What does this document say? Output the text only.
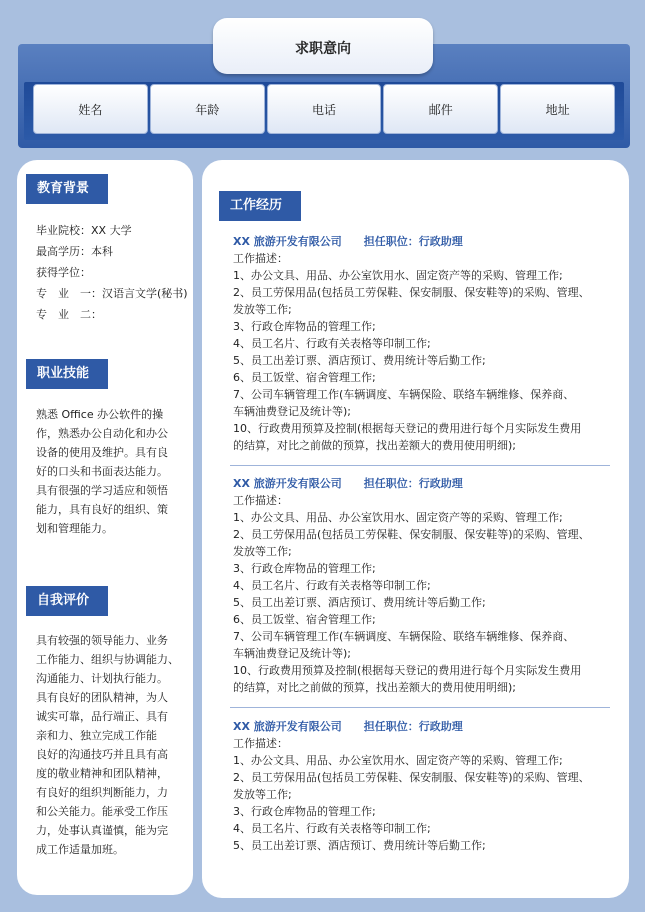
求职意向
姓名	年龄	电话	邮件	地址
教育背景
毕业院校：XX 大学
最高学历：本科
获得学位：
专　业　一：汉语言文学(秘书)
专　业　二：
职业技能

熟悉 Office 办公软件的操

作，熟悉办公自动化和办公

设备的使用及维护。具有良

好的口头和书面表达能力。

具有很强的学习适应和领悟

能力，具有良好的组织、策

划和管理能力。

自我评价

具有较强的领导能力、业务

工作能力、组织与协调能力、

沟通能力、计划执行能力。

具有良好的团队精神，为人

诚实可靠，品行端正、具有

亲和力、独立完成工作能

良好的沟通技巧并且具有高

度的敬业精神和团队精神，

有良好的组织判断能力，力

和公关能力。能承受工作压

力，处事认真谨慎，能为完

成工作适量加班。

工作经历
XX 旅游开发有限公司 担任职位：行政助理

工作描述：

1、办公文具、用品、办公室饮用水、固定资产等的采购、管理工作;

2、员工劳保用品(包括员工劳保鞋、保安制服、保安鞋等)的采购、管理、

发放等工作;

3、行政仓库物品的管理工作;

4、员工名片、行政有关表格等印制工作;

5、员工出差订票、酒店预订、费用统计等后勤工作;

6、员工饭堂、宿舍管理工作;

7、公司车辆管理工作(车辆调度、车辆保险、联络车辆维修、保养商、

车辆油费登记及统计等);

10、行政费用预算及控制(根据每天登记的费用进行每个月实际发生费用

的结算，对比之前做的预算，找出差额大的费用使用明细);

XX 旅游开发有限公司 担任职位：行政助理

工作描述：

1、办公文具、用品、办公室饮用水、固定资产等的采购、管理工作;

2、员工劳保用品(包括员工劳保鞋、保安制服、保安鞋等)的采购、管理、

发放等工作;

3、行政仓库物品的管理工作;

4、员工名片、行政有关表格等印制工作;

5、员工出差订票、酒店预订、费用统计等后勤工作;

6、员工饭堂、宿舍管理工作;

7、公司车辆管理工作(车辆调度、车辆保险、联络车辆维修、保养商、

车辆油费登记及统计等);

10、行政费用预算及控制(根据每天登记的费用进行每个月实际发生费用

的结算，对比之前做的预算，找出差额大的费用使用明细);

XX 旅游开发有限公司 担任职位：行政助理

工作描述：

1、办公文具、用品、办公室饮用水、固定资产等的采购、管理工作;

2、员工劳保用品(包括员工劳保鞋、保安制服、保安鞋等)的采购、管理、

发放等工作;

3、行政仓库物品的管理工作;

4、员工名片、行政有关表格等印制工作;

5、员工出差订票、酒店预订、费用统计等后勤工作;
